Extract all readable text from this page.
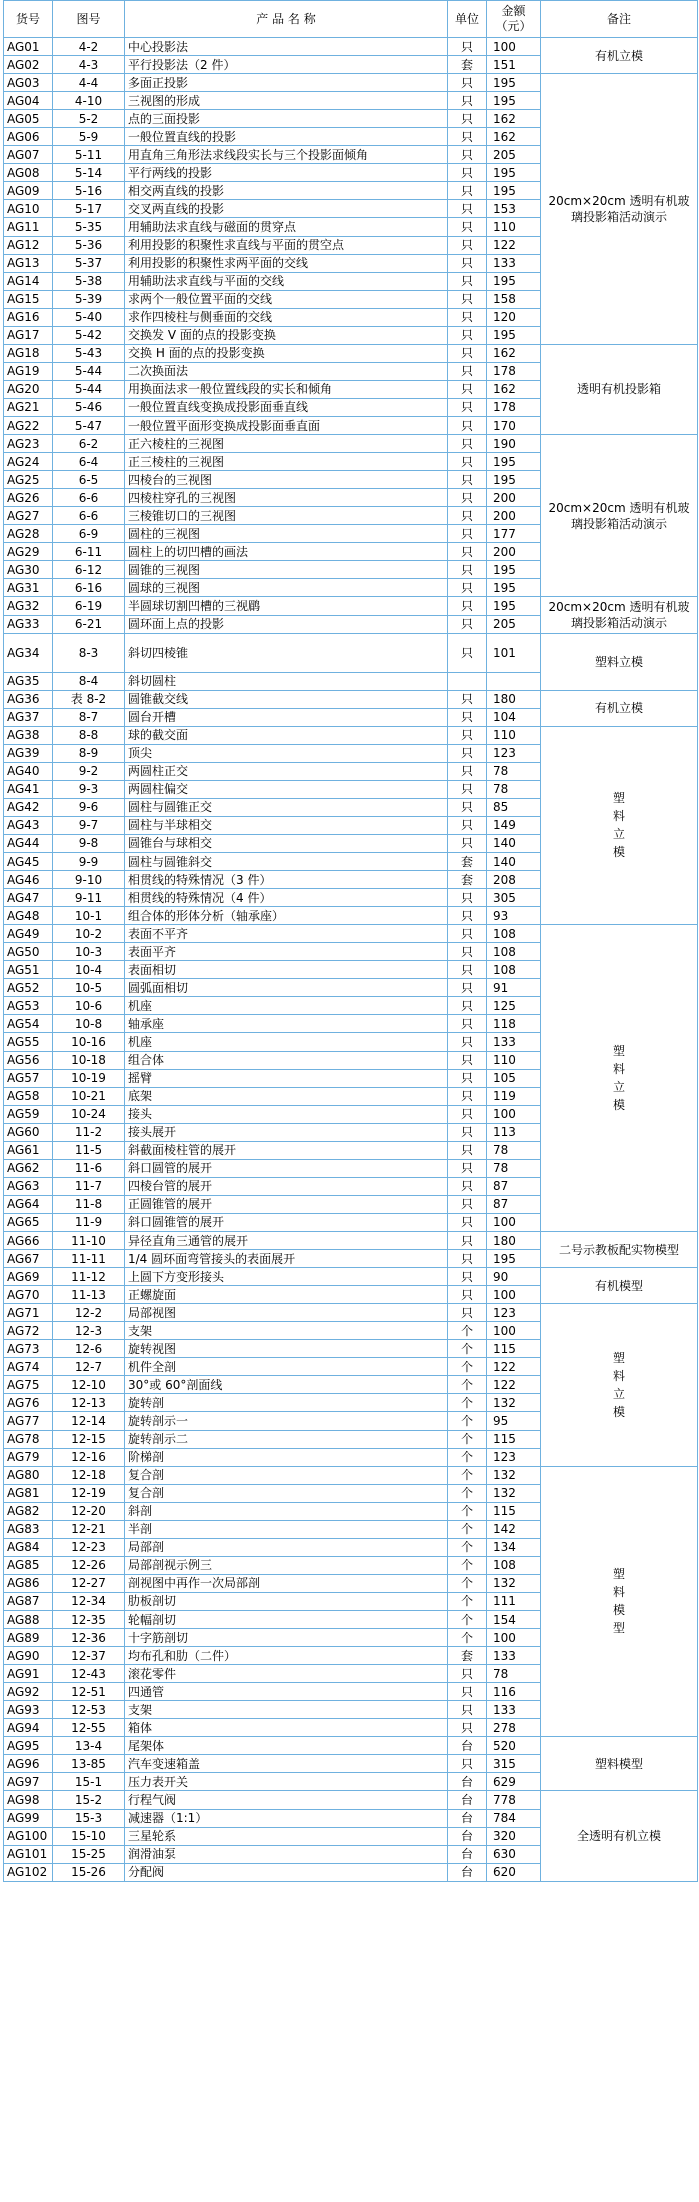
货号	图号	产 品 名 称	单位	金额（元）	备注
AG01	4-2	中心投影法	只	100	有机立模
AG02	4-3	平行投影法（2 件）	套	151	
AG03	4-4	多面正投影	只	195	20cm×20cm 透明有机玻璃投影箱活动演示
AG04	4-10	三视图的形成	只	195	
AG05	5-2	点的三面投影	只	162	
AG06	5-9	一般位置直线的投影	只	162	
AG07	5-11	用直角三角形法求线段实长与三个投影面倾角	只	205	
AG08	5-14	平行两线的投影	只	195	
AG09	5-16	相交两直线的投影	只	195	
AG10	5-17	交叉两直线的投影	只	153	
AG11	5-35	用辅助法求直线与磁面的贯穿点	只	110	
AG12	5-36	利用投影的积聚性求直线与平面的贯空点	只	122	
AG13	5-37	利用投影的积聚性求两平面的交线	只	133	
AG14	5-38	用辅助法求直线与平面的交线	只	195	
AG15	5-39	求两个一般位置平面的交线	只	158	
AG16	5-40	求作四棱柱与侧垂面的交线	只	120	
AG17	5-42	交换发 V 面的点的投影变换	只	195	
AG18	5-43	交换 H 面的点的投影变换	只	162	透明有机投影箱
AG19	5-44	二次换面法	只	178	
AG20	5-44	用换面法求一般位置线段的实长和倾角	只	162	
AG21	5-46	一般位置直线变换成投影面垂直线	只	178	
AG22	5-47	一般位置平面形变换成投影面垂直面	只	170	
AG23	6-2	正六棱柱的三视图	只	190	20cm×20cm 透明有机玻璃投影箱活动演示
AG24	6-4	正三棱柱的三视图	只	195	
AG25	6-5	四棱台的三视图	只	195	
AG26	6-6	四棱柱穿孔的三视图	只	200	
AG27	6-6	三棱锥切口的三视图	只	200	
AG28	6-9	圆柱的三视图	只	177	
AG29	6-11	圆柱上的切凹槽的画法	只	200	
AG30	6-12	圆锥的三视图	只	195	
AG31	6-16	圆球的三视图	只	195	
AG32	6-19	半圆球切割凹槽的三视鹛	只	195	20cm×20cm 透明有机玻璃投影箱活动演示
AG33	6-21	圆环面上点的投影	只	205	
AG34	8-3	斜切四棱锥	只	101	塑料立模
AG35	8-4	斜切圆柱			
AG36	表 8-2	圆锥截交线	只	180	有机立模
AG37	8-7	圆台开槽	只	104	
AG38	8-8	球的截交面	只	110	塑料立模

AG39	8-9	顶尖	只	123	
AG40	9-2	两圆柱正交	只	78	
AG41	9-3	两圆柱偏交	只	78	
AG42	9-6	圆柱与圆锥正交	只	85	
AG43	9-7	圆柱与半球相交	只	149	
AG44	9-8	圆锥台与球相交	只	140	
AG45	9-9	圆柱与圆锥斜交	套	140	
AG46	9-10	相贯线的特殊情况（3 件）	套	208	
AG47	9-11	相贯线的特殊情况（4 件）	只	305	
AG48	10-1	组合体的形体分析（轴承座）	只	93	
AG49	10-2	表面不平齐	只	108	塑料立模

AG50	10-3	表面平齐	只	108	
AG51	10-4	表面相切	只	108	
AG52	10-5	圆弧面相切	只	91	
AG53	10-6	机座	只	125	
AG54	10-8	轴承座	只	118	
AG55	10-16	机座	只	133	
AG56	10-18	组合体	只	110	
AG57	10-19	摇臂	只	105	
AG58	10-21	底架	只	119	
AG59	10-24	接头	只	100	
AG60	11-2	接头展开	只	113	
AG61	11-5	斜截面棱柱管的展开	只	78	
AG62	11-6	斜口圆管的展开	只	78	
AG63	11-7	四棱台管的展开	只	87	
AG64	11-8	正圆锥管的展开	只	87	
AG65	11-9	斜口圆锥管的展开	只	100	
AG66	11-10	异径直角三通管的展开	只	180	二号示教板配实物模型
AG67	11-11	1/4 圆环面弯管接头的表面展开	只	195	
AG69	11-12	上圆下方变形接头	只	90	有机模型
AG70	11-13	正螺旋面	只	100	
AG71	12-2	局部视图	只	123	塑料立模

AG72	12-3	支架	个	100	
AG73	12-6	旋转视图	个	115	
AG74	12-7	机件全剖	个	122	
AG75	12-10	30°或 60°剖面线	个	122	
AG76	12-13	旋转剖	个	132	
AG77	12-14	旋转剖示一	个	95	
AG78	12-15	旋转剖示二	个	115	
AG79	12-16	阶梯剖	个	123	
AG80	12-18	复合剖	个	132	塑料模型

AG81	12-19	复合剖	个	132	
AG82	12-20	斜剖	个	115	
AG83	12-21	半剖	个	142	
AG84	12-23	局部剖	个	134	
AG85	12-26	局部剖视示例三	个	108	
AG86	12-27	剖视图中再作一次局部剖	个	132	
AG87	12-34	肋板剖切	个	111	
AG88	12-35	轮幅剖切	个	154	
AG89	12-36	十字筋剖切	个	100	
AG90	12-37	均布孔和肋（二件）	套	133	
AG91	12-43	滚花零件	只	78	
AG92	12-51	四通管	只	116	
AG93	12-53	支架	只	133	
AG94	12-55	箱体	只	278	
AG95	13-4	尾架体	台	520	塑料模型
AG96	13-85	汽车变速箱盖	只	315	
AG97	15-1	压力表开关	台	629	
AG98	15-2	行程气阀	台	778	全透明有机立模
AG99	15-3	减速器（1:1）	台	784	
AG100	15-10	三星轮系	台	320	
AG101	15-25	润滑油泵	台	630	
AG102	15-26	分配阀	台	620	
